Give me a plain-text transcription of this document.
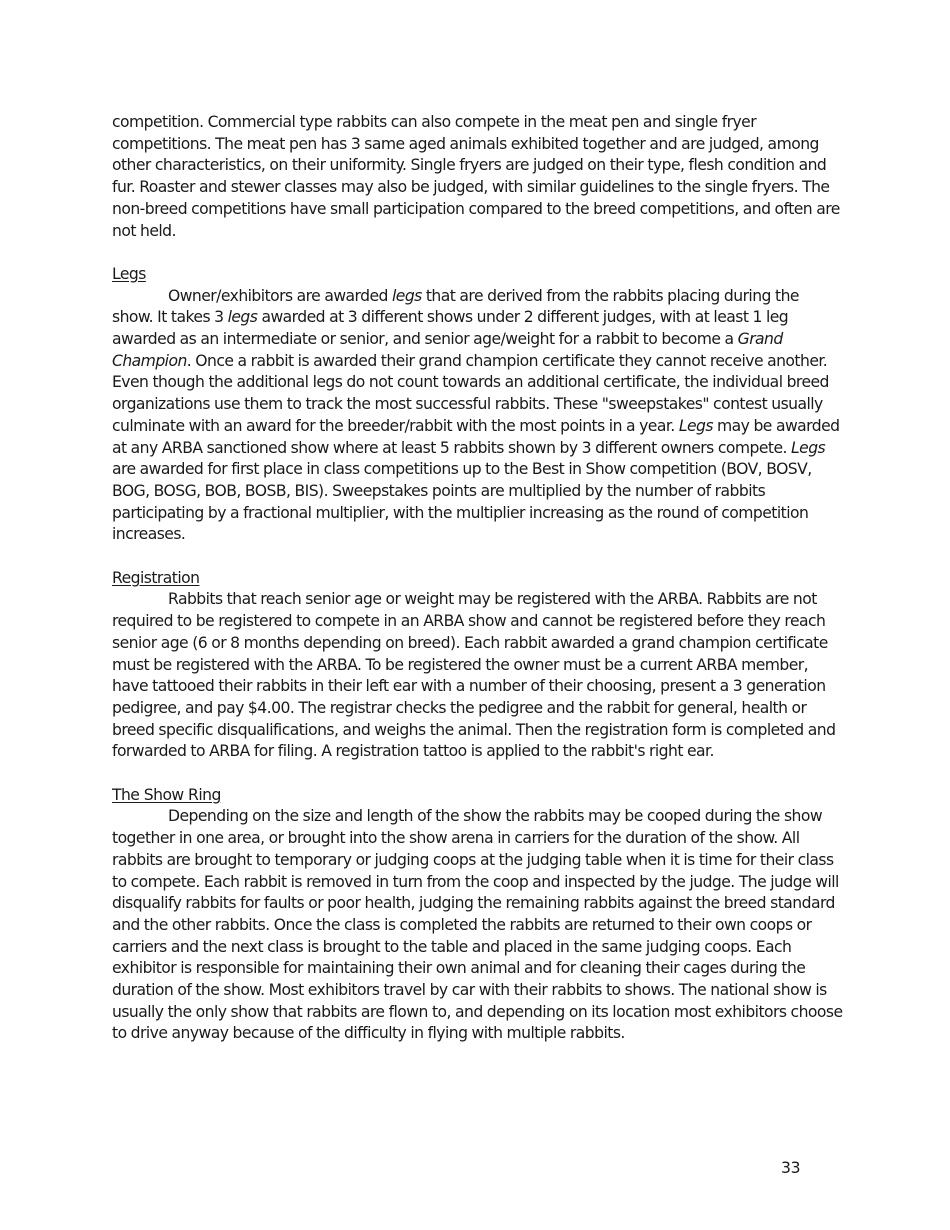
competition. Commercial type rabbits can also compete in the meat pen and single fryer competitions. The meat pen has 3 same aged animals exhibited together and are judged, among other characteristics, on their uniformity. Single fryers are judged on their type, flesh condition and fur. Roaster and stewer classes may also be judged, with similar guidelines to the single fryers. The non-breed competitions have small participation compared to the breed competitions, and often are not held.

Legs

Owner/exhibitors are awarded legs that are derived from the rabbits placing during the show. It takes 3 legs awarded at 3 different shows under 2 different judges, with at least 1 leg awarded as an intermediate or senior, and senior age/weight for a rabbit to become a Grand Champion. Once a rabbit is awarded their grand champion certificate they cannot receive another. Even though the additional legs do not count towards an additional certificate, the individual breed organizations use them to track the most successful rabbits. These "sweepstakes" contest usually culminate with an award for the breeder/rabbit with the most points in a year. Legs may be awarded at any ARBA sanctioned show where at least 5 rabbits shown by 3 different owners compete. Legs are awarded for first place in class competitions up to the Best in Show competition (BOV, BOSV, BOG, BOSG, BOB, BOSB, BIS). Sweepstakes points are multiplied by the number of rabbits participating by a fractional multiplier, with the multiplier increasing as the round of competition increases.

Registration

Rabbits that reach senior age or weight may be registered with the ARBA. Rabbits are not required to be registered to compete in an ARBA show and cannot be registered before they reach senior age (6 or 8 months depending on breed). Each rabbit awarded a grand champion certificate must be registered with the ARBA. To be registered the owner must be a current ARBA member, have tattooed their rabbits in their left ear with a number of their choosing, present a 3 generation pedigree, and pay $4.00. The registrar checks the pedigree and the rabbit for general, health or breed specific disqualifications, and weighs the animal. Then the registration form is completed and forwarded to ARBA for filing. A registration tattoo is applied to the rabbit's right ear.

The Show Ring

Depending on the size and length of the show the rabbits may be cooped during the show together in one area, or brought into the show arena in carriers for the duration of the show. All rabbits are brought to temporary or judging coops at the judging table when it is time for their class to compete. Each rabbit is removed in turn from the coop and inspected by the judge. The judge will disqualify rabbits for faults or poor health, judging the remaining rabbits against the breed standard and the other rabbits. Once the class is completed the rabbits are returned to their own coops or carriers and the next class is brought to the table and placed in the same judging coops. Each exhibitor is responsible for maintaining their own animal and for cleaning their cages during the duration of the show. Most exhibitors travel by car with their rabbits to shows. The national show is usually the only show that rabbits are flown to, and depending on its location most exhibitors choose to drive anyway because of the difficulty in flying with multiple rabbits.

33
